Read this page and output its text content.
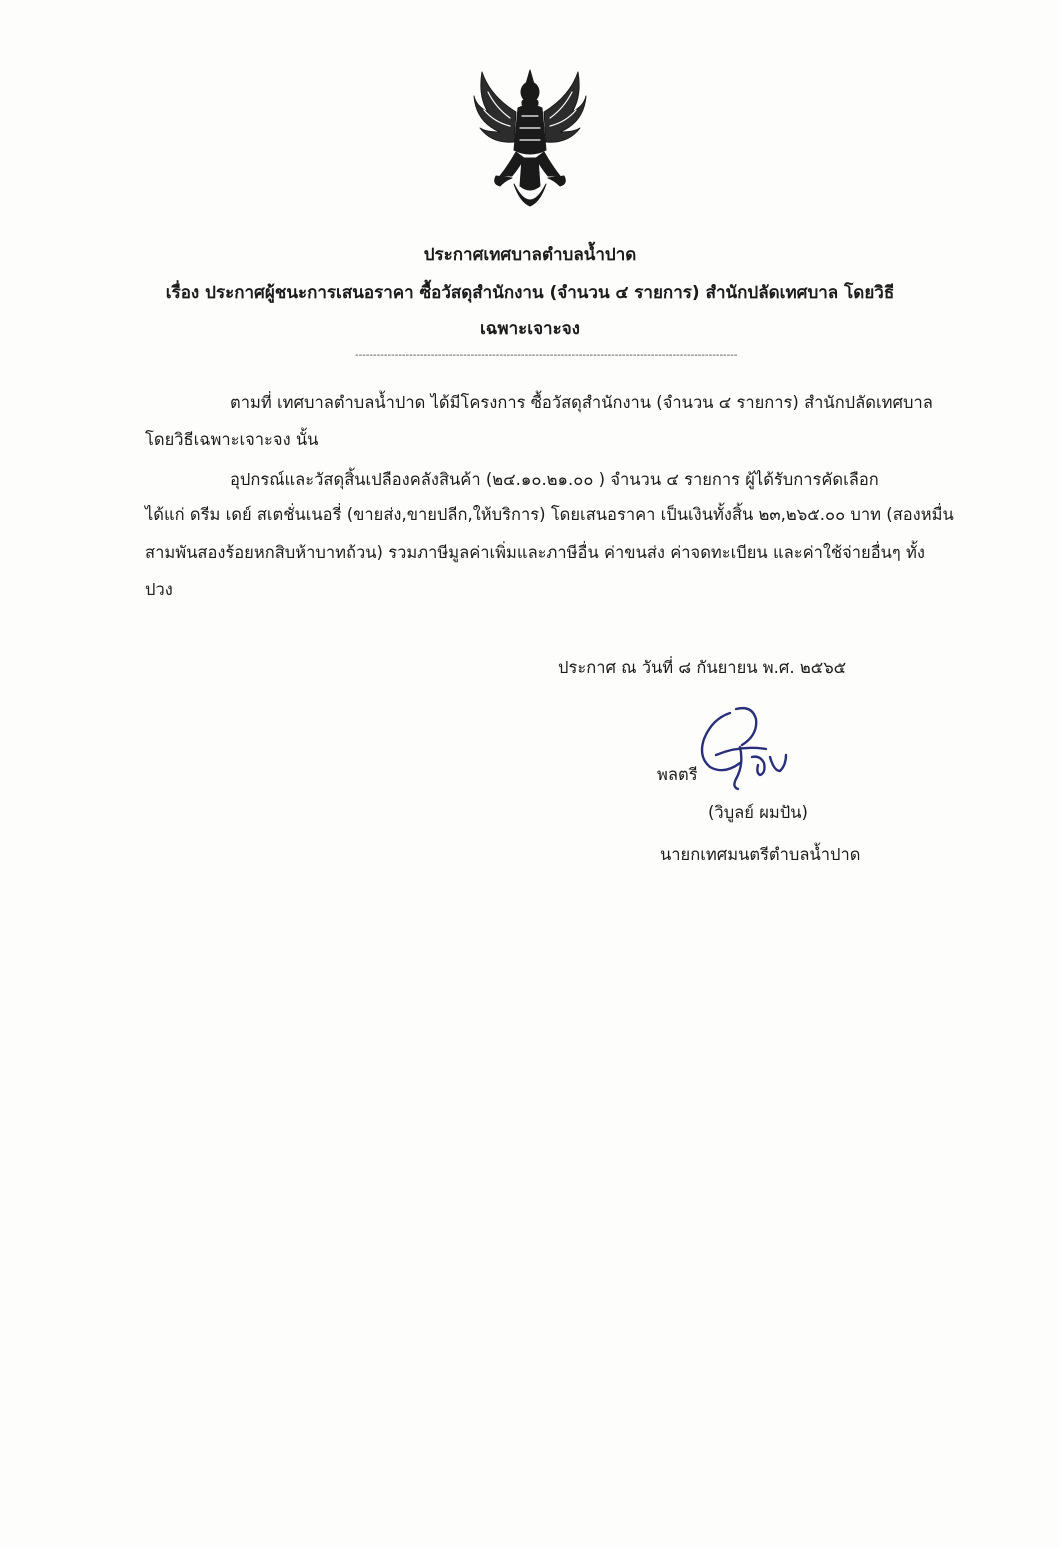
ประกาศเทศบาลตำบลน้ำปาด
เรื่อง ประกาศผู้ชนะการเสนอราคา ซื้อวัสดุสำนักงาน (จำนวน ๔ รายการ) สำนักปลัดเทศบาล โดยวิธี
เฉพาะเจาะจง
----------------------------------------------------------------------------------------------------------
ตามที่ เทศบาลตำบลน้ำปาด ได้มีโครงการ ซื้อวัสดุสำนักงาน (จำนวน ๔ รายการ) สำนักปลัดเทศบาล
โดยวิธีเฉพาะเจาะจง นั้น
อุปกรณ์และวัสดุสิ้นเปลืองคลังสินค้า (๒๔.๑๐.๒๑.๐๐ ) จำนวน ๔ รายการ ผู้ได้รับการคัดเลือก
ได้แก่ ดรีม เดย์ สเตชั่นเนอรี่ (ขายส่ง,ขายปลีก,ให้บริการ) โดยเสนอราคา เป็นเงินทั้งสิ้น ๒๓,๒๖๕.๐๐ บาท (สองหมื่น
สามพันสองร้อยหกสิบห้าบาทถ้วน) รวมภาษีมูลค่าเพิ่มและภาษีอื่น ค่าขนส่ง ค่าจดทะเบียน และค่าใช้จ่ายอื่นๆ ทั้ง
ปวง
ประกาศ ณ วันที่ ๘ กันยายน พ.ศ. ๒๕๖๕
พลตรี
(วิบูลย์ ผมปัน)
นายกเทศมนตรีตำบลน้ำปาด
